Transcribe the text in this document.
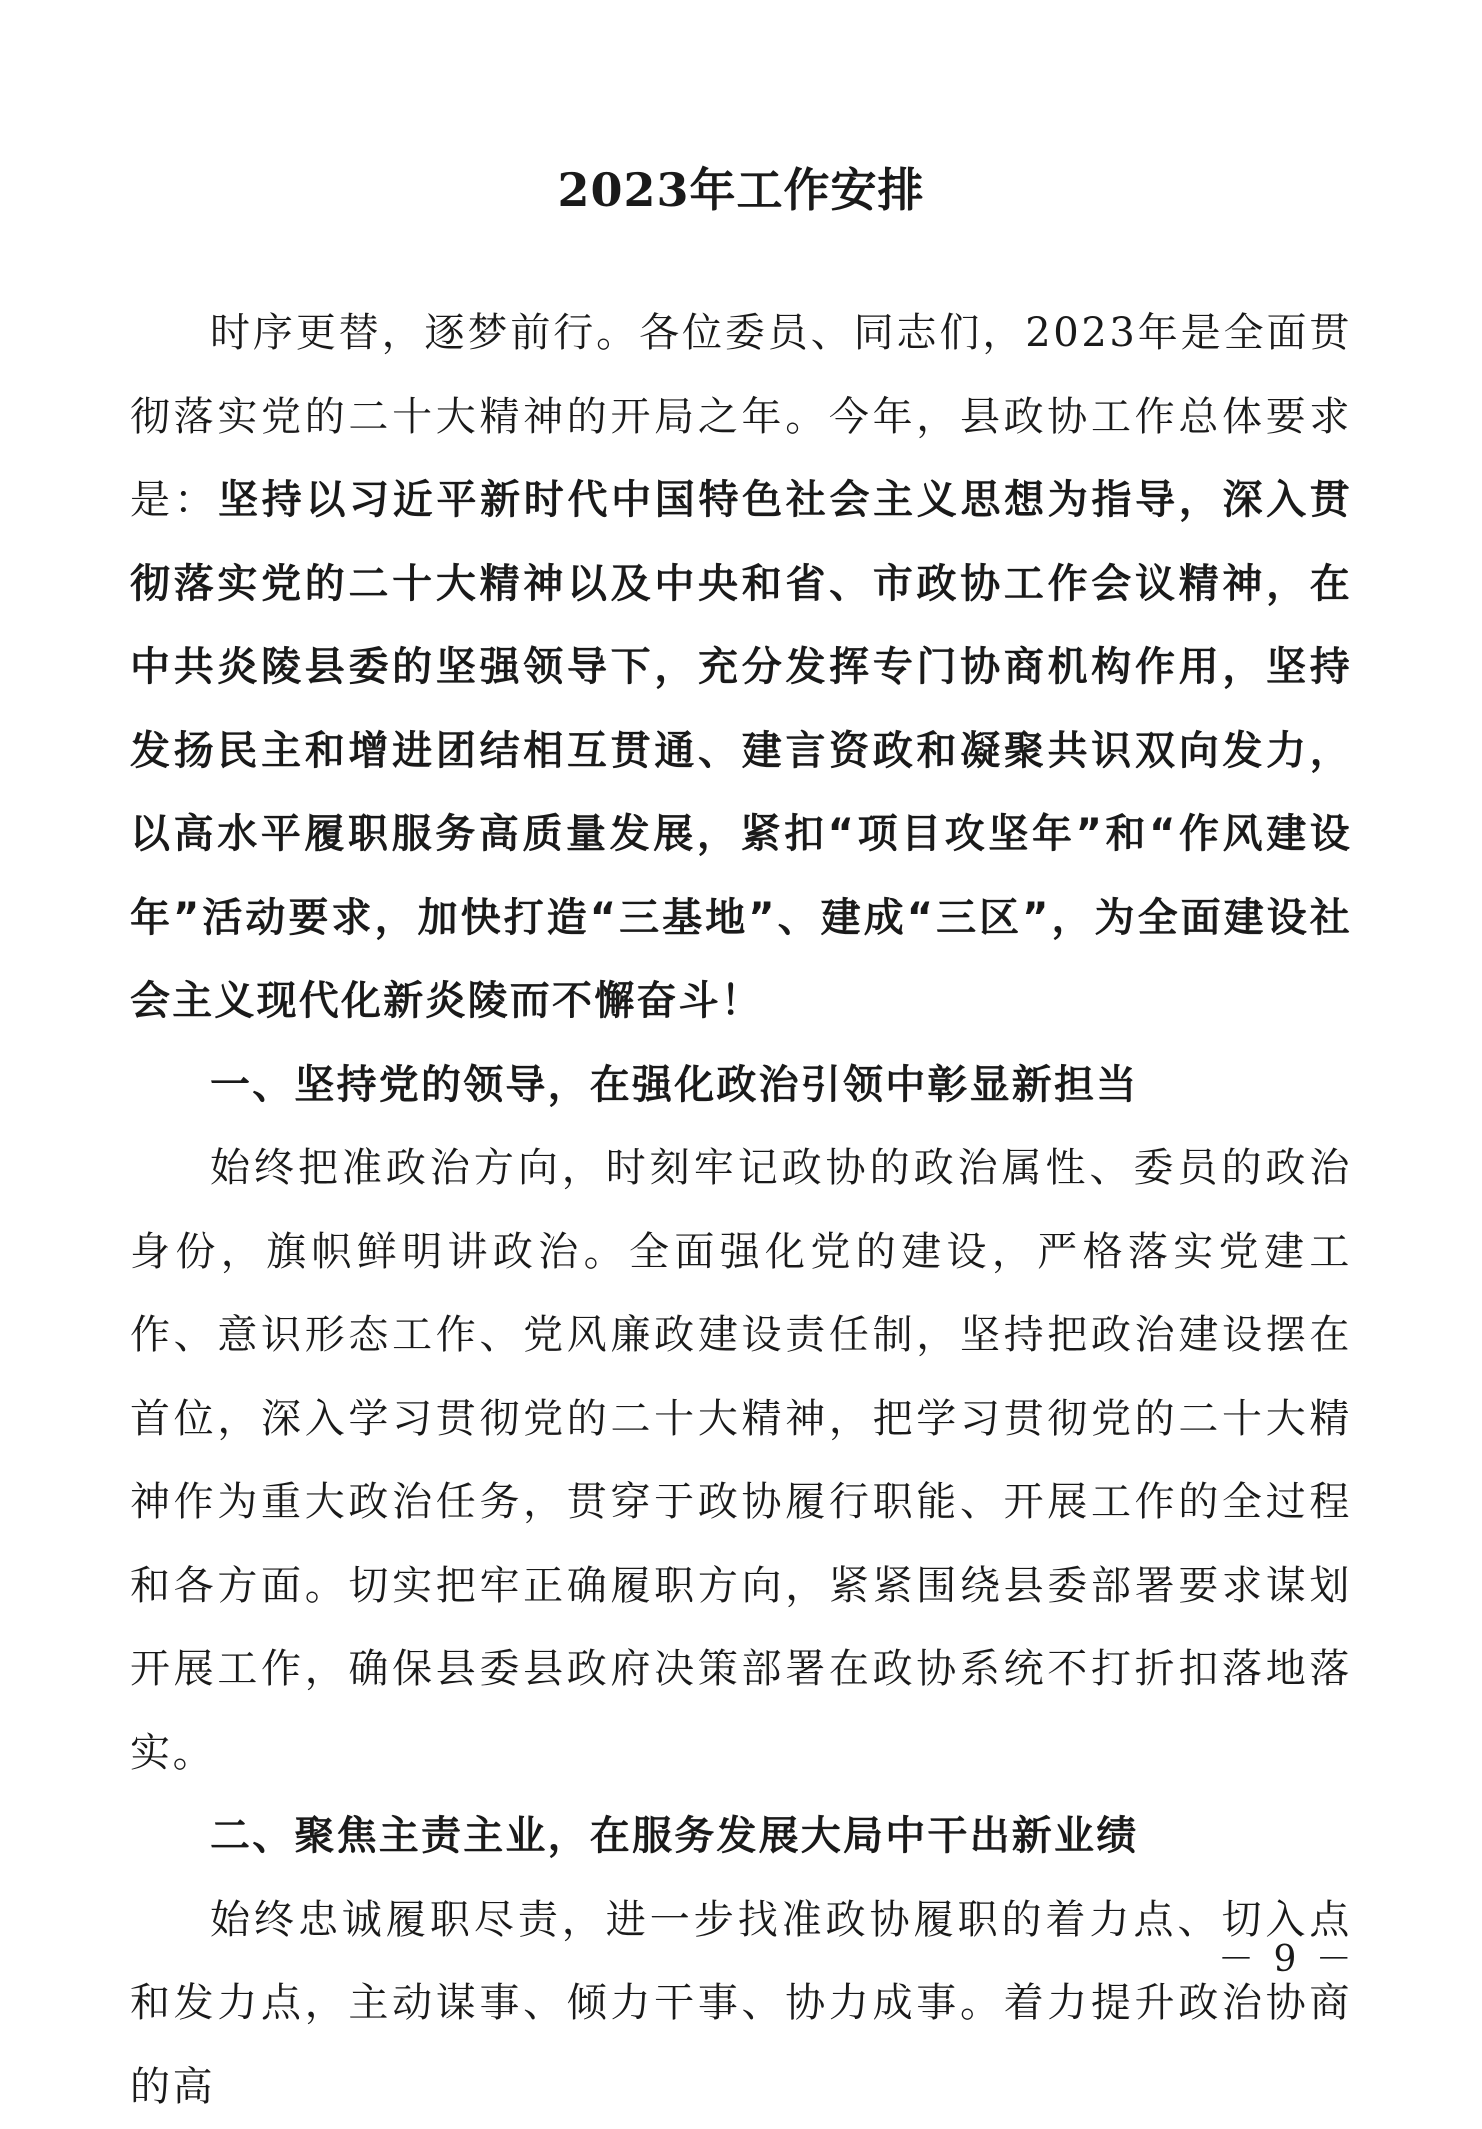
2023年工作安排

时序更替，逐梦前行。各位委员、同志们，2023年是全面贯彻落实党的二十大精神的开局之年。今年，县政协工作总体要求是：坚持以习近平新时代中国特色社会主义思想为指导，深入贯彻落实党的二十大精神以及中央和省、市政协工作会议精神，在中共炎陵县委的坚强领导下，充分发挥专门协商机构作用，坚持发扬民主和增进团结相互贯通、建言资政和凝聚共识双向发力，以高水平履职服务高质量发展，紧扣“项目攻坚年”和“作风建设年”活动要求，加快打造“三基地”、建成“三区”，为全面建设社会主义现代化新炎陵而不懈奋斗！

一、坚持党的领导，在强化政治引领中彰显新担当

始终把准政治方向，时刻牢记政协的政治属性、委员的政治身份，旗帜鲜明讲政治。全面强化党的建设，严格落实党建工作、意识形态工作、党风廉政建设责任制，坚持把政治建设摆在首位，深入学习贯彻党的二十大精神，把学习贯彻党的二十大精神作为重大政治任务，贯穿于政协履行职能、开展工作的全过程和各方面。切实把牢正确履职方向，紧紧围绕县委部署要求谋划开展工作，确保县委县政府决策部署在政协系统不打折扣落地落实。

二、聚焦主责主业，在服务发展大局中干出新业绩

始终忠诚履职尽责，进一步找准政协履职的着力点、切入点和发力点，主动谋事、倾力干事、协力成事。着力提升政治协商的高

－ 9 －
